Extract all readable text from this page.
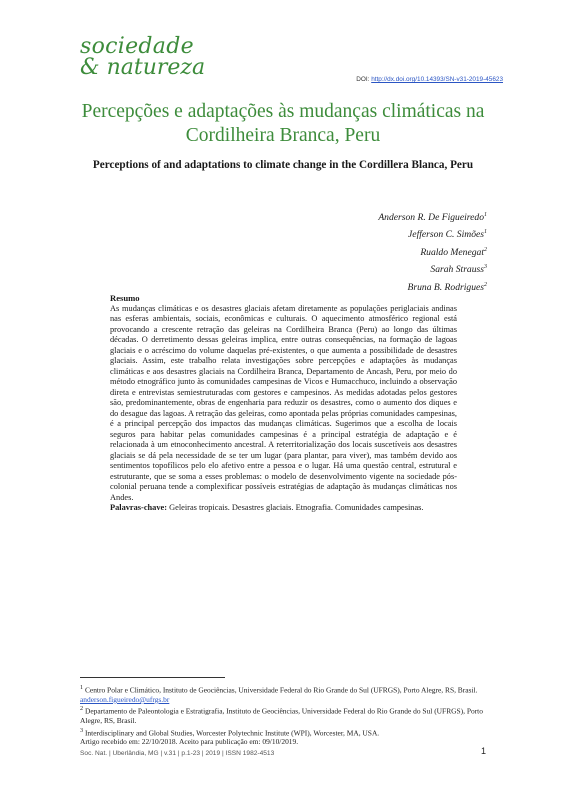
sociedade
& natureza	DOI: http://dx.doi.org/10.14393/SN-v31-2019-45623
Percepções e adaptações às mudanças climáticas na Cordilheira Branca, Peru
Perceptions of and adaptations to climate change in the Cordillera Blanca, Peru
Anderson R. De Figueiredo$^1$
Jefferson C. Simões$^1$
Rualdo Menegat$^2$
Sarah Strauss$^3$
Bruna B. Rodrigues$^2$
Resumo
As mudanças climáticas e os desastres glaciais afetam diretamente as populações periglaciais andinas nas esferas ambientais, sociais, econômicas e culturais. O aquecimento atmosférico regional está provocando a crescente retração das geleiras na Cordilheira Branca (Peru) ao longo das últimas décadas. O derretimento dessas geleiras implica, entre outras consequências, na formação de lagoas glaciais e o acréscimo do volume daquelas pré-existentes, o que aumenta a possibilidade de desastres glaciais. Assim, este trabalho relata investigações sobre percepções e adaptações às mudanças climáticas e aos desastres glaciais na Cordilheira Branca, Departamento de Ancash, Peru, por meio do método etnográfico junto às comunidades campesinas de Vicos e Humacchuco, incluindo a observação direta e entrevistas semiestruturadas com gestores e campesinos. As medidas adotadas pelos gestores são, predominantemente, obras de engenharia para reduzir os desastres, como o aumento dos diques e do desague das lagoas. A retração das geleiras, como apontada pelas próprias comunidades campesinas, é a principal percepção dos impactos das mudanças climáticas. Sugerimos que a escolha de locais seguros para habitar pelas comunidades campesinas é a principal estratégia de adaptação e é relacionada à um etnoconhecimento ancestral. A reterritorialização dos locais suscetíveis aos desastres glaciais se dá pela necessidade de se ter um lugar (para plantar, para viver), mas também devido aos sentimentos topofílicos pelo elo afetivo entre a pessoa e o lugar. Há uma questão central, estrutural e estruturante, que se soma a esses problemas: o modelo de desenvolvimento vigente na sociedade pós-colonial peruana tende a complexificar possíveis estratégias de adaptação às mudanças climáticas nos Andes.
Palavras-chave: Geleiras tropicais. Desastres glaciais. Etnografia. Comunidades campesinas.

$^1$ Centro Polar e Climático, Instituto de Geociências, Universidade Federal do Rio Grande do Sul (UFRGS), Porto Alegre, RS, Brasil. anderson.figueiredo@ufrgs.br

$^2$ Departamento de Paleontologia e Estratigrafia, Instituto de Geociências, Universidade Federal do Rio Grande do Sul (UFRGS), Porto Alegre, RS, Brasil.

$^3$ Interdisciplinary and Global Studies, Worcester Polytechnic Institute (WPI), Worcester, MA, USA.

Artigo recebido em: 22/10/2018. Aceito para publicação em: 09/10/2019.

Soc. Nat. | Uberlândia, MG | v.31 | p.1-23 | 2019 | ISSN 1982-4513	1
